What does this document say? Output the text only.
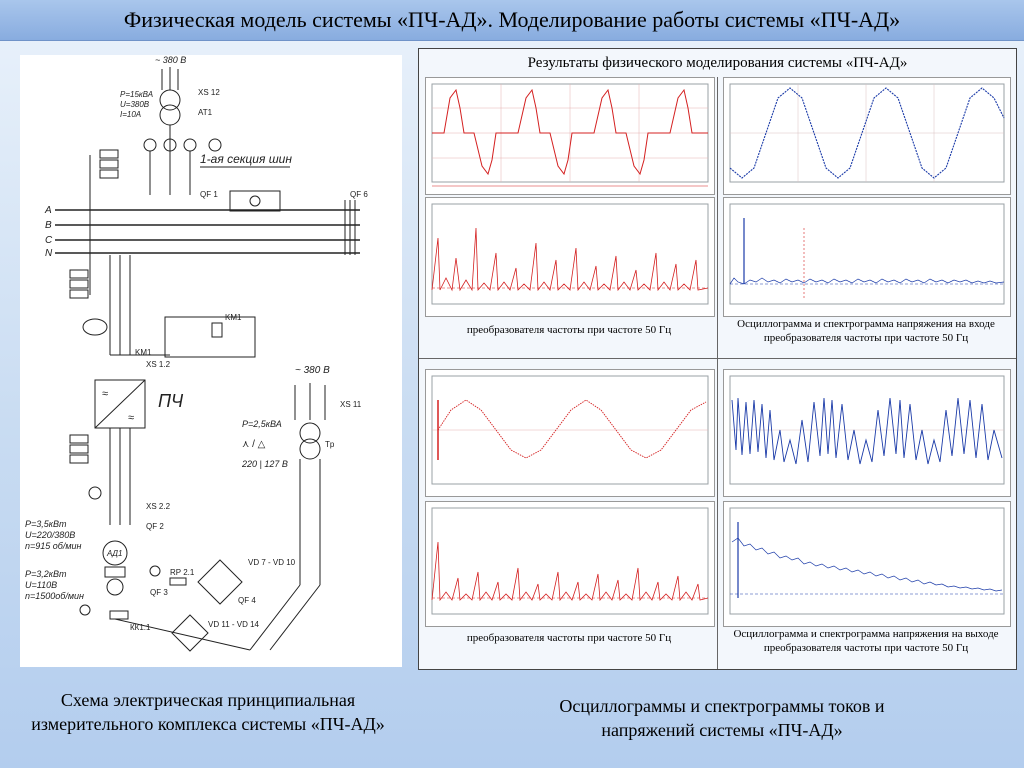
Физическая модель системы «ПЧ-АД». Моделирование работы системы «ПЧ-АД»
~ 380 В
P=15кВА
U=380В
I=10А
XS 12
AT1
1-ая секция шин
A
B
C
N
QF 1	QF 6
KM1
KM1
≈
≈
ПЧ
XS 1.2
XS 2.2
QF 2
АД1
P=3,5кВт
U=220/380В
n=915 об/мин
P=3,2кВт
U=110В
n=1500об/мин
~ 380 В
XS 11
Tp
P=2,5кВА
⋏ / △
220 | 127 В
VD 7 - VD 10
VD 11 - VD 14
QF 4
QF 3
RP 2.1
КК1.1
Результаты физического моделирования системы «ПЧ-АД»
преобразователя частоты при частоте 50 Гц	Осциллограмма и спектрограмма напряжения на входе преобразователя частоты при частоте 50 Гц
преобразователя частоты при частоте 50 Гц	Осциллограмма и спектрограмма напряжения на выходе преобразователя частоты при частоте 50 Гц
Схема электрическая принципиальная измерительного комплекса системы «ПЧ-АД»
Осциллограммы и спектрограммы токов и напряжений системы «ПЧ-АД»
